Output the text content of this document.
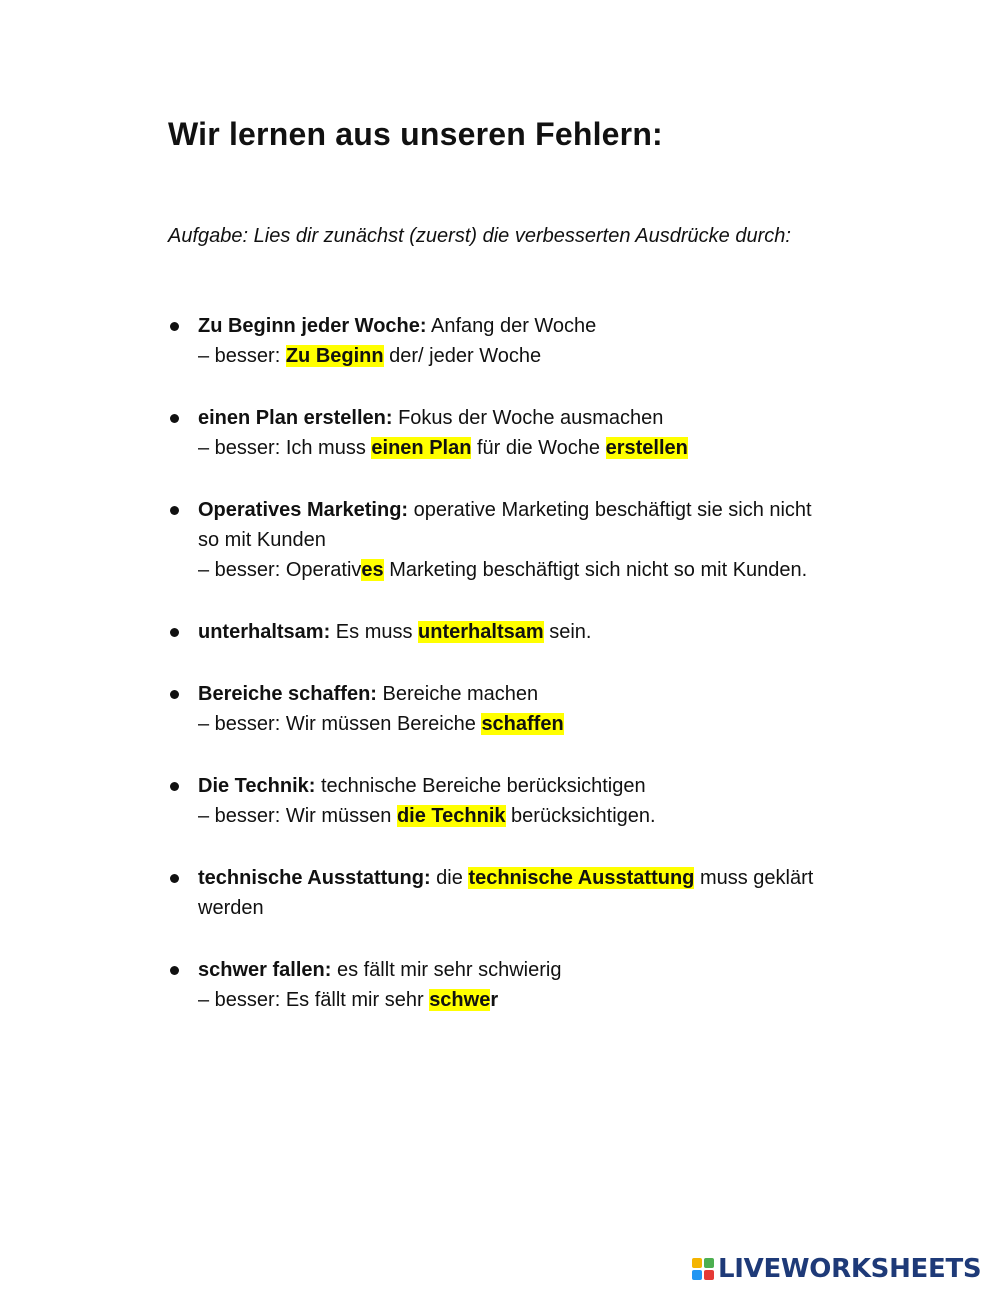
Wir lernen aus unseren Fehlern:

Aufgabe: Lies dir zunächst (zuerst) die verbesserten Ausdrücke durch:

Zu Beginn jeder Woche: Anfang der Woche
– besser: Zu Beginn der/ jeder Woche
einen Plan erstellen: Fokus der Woche ausmachen
– besser: Ich muss einen Plan für die Woche erstellen
Operatives Marketing: operative Marketing beschäftigt sie sich nicht so mit Kunden
– besser: Operatives Marketing beschäftigt sich nicht so mit Kunden.
unterhaltsam: Es muss unterhaltsam sein.
Bereiche schaffen: Bereiche machen
– besser: Wir müssen Bereiche schaffen
Die Technik: technische Bereiche berücksichtigen
– besser: Wir müssen die Technik berücksichtigen.
technische Ausstattung: die technische Ausstattung muss geklärt werden
schwer fallen: es fällt mir sehr schwierig
– besser: Es fällt mir sehr schwer
LIVEWORKSHEETS
